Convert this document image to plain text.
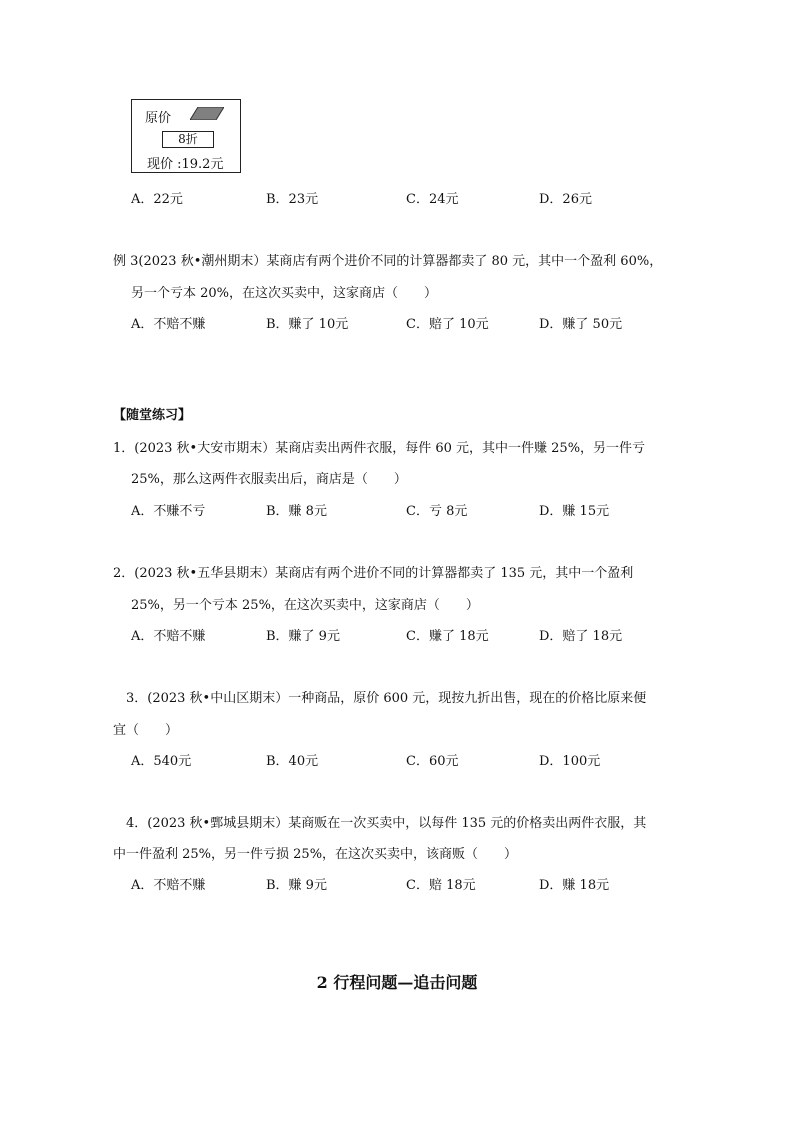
原价
8折
现价 :19.2元
A．22元	B．23元	C．24元	D．26元
例 3(2023 秋•潮州期末）某商店有两个进价不同的计算器都卖了 80 元，其中一个盈利 60%，
另一个亏本 20%，在这次买卖中，这家商店（　　）
A．不赔不赚	B．赚了 10元	C．赔了 10元	D．赚了 50元
【随堂练习】
1．(2023 秋•大安市期末）某商店卖出两件衣服，每件 60 元，其中一件赚 25%，另一件亏
25%，那么这两件衣服卖出后，商店是（　　）
A．不赚不亏	B．赚 8元	C．亏 8元	D．赚 15元
2．(2023 秋•五华县期末）某商店有两个进价不同的计算器都卖了 135 元，其中一个盈利
25%，另一个亏本 25%，在这次买卖中，这家商店（　　）
A．不赔不赚	B．赚了 9元	C．赚了 18元	D．赔了 18元
3．(2023 秋•中山区期末）一种商品，原价 600 元，现按九折出售，现在的价格比原来便
宜（　　）
A．540元	B．40元	C．60元	D．100元
4．(2023 秋•鄄城县期末）某商贩在一次买卖中，以每件 135 元的价格卖出两件衣服，其
中一件盈利 25%，另一件亏损 25%，在这次买卖中，该商贩（　　）
A．不赔不赚	B．赚 9元	C．赔 18元	D．赚 18元
2 行程问题—追击问题
